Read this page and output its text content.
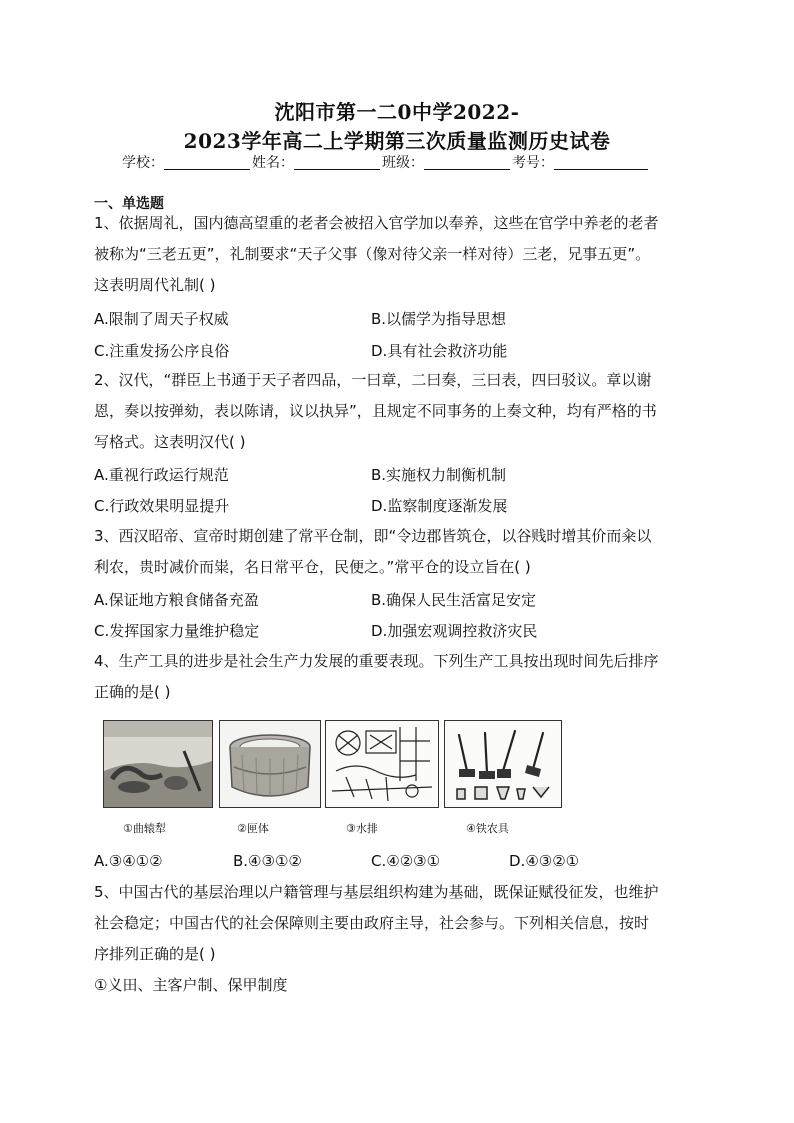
沈阳市第一二0中学2022-
2023学年高二上学期第三次质量监测历史试卷
学校：	姓名：	班级：	考号：
一、单选题
1、依据周礼，国内德高望重的老者会被招入官学加以奉养，这些在官学中养老的老者
被称为“三老五更”，礼制要求“天子父事（像对待父亲一样对待）三老，兄事五更”。
这表明周代礼制( )
A.限制了周天子权威	B.以儒学为指导思想
C.注重发扬公序良俗	D.具有社会救济功能
2、汉代，“群臣上书通于天子者四品，一曰章，二曰奏，三曰表，四曰驳议。章以谢
恩，奏以按弹劾，表以陈请，议以执异”，且规定不同事务的上奏文种，均有严格的书
写格式。这表明汉代( )
A.重视行政运行规范	B.实施权力制衡机制
C.行政效果明显提升	D.监察制度逐渐发展
3、西汉昭帝、宣帝时期创建了常平仓制，即“令边郡皆筑仓，以谷贱时增其价而籴以
利农，贵时减价而粜，名日常平仓，民便之。”常平仓的设立旨在( )
A.保证地方粮食储备充盈	B.确保人民生活富足安定
C.发挥国家力量维护稳定	D.加强宏观调控救济灾民
4、生产工具的进步是社会生产力发展的重要表现。下列生产工具按出现时间先后排序
正确的是( )
①曲辕犁	②匣体	③水排	④铁农具
A.③④①②	B.④③①②	C.④②③①	D.④③②①
5、中国古代的基层治理以户籍管理与基层组织构建为基础，既保证赋役征发，也维护
社会稳定；中国古代的社会保障则主要由政府主导，社会参与。下列相关信息，按时
序排列正确的是( )
①义田、主客户制、保甲制度
